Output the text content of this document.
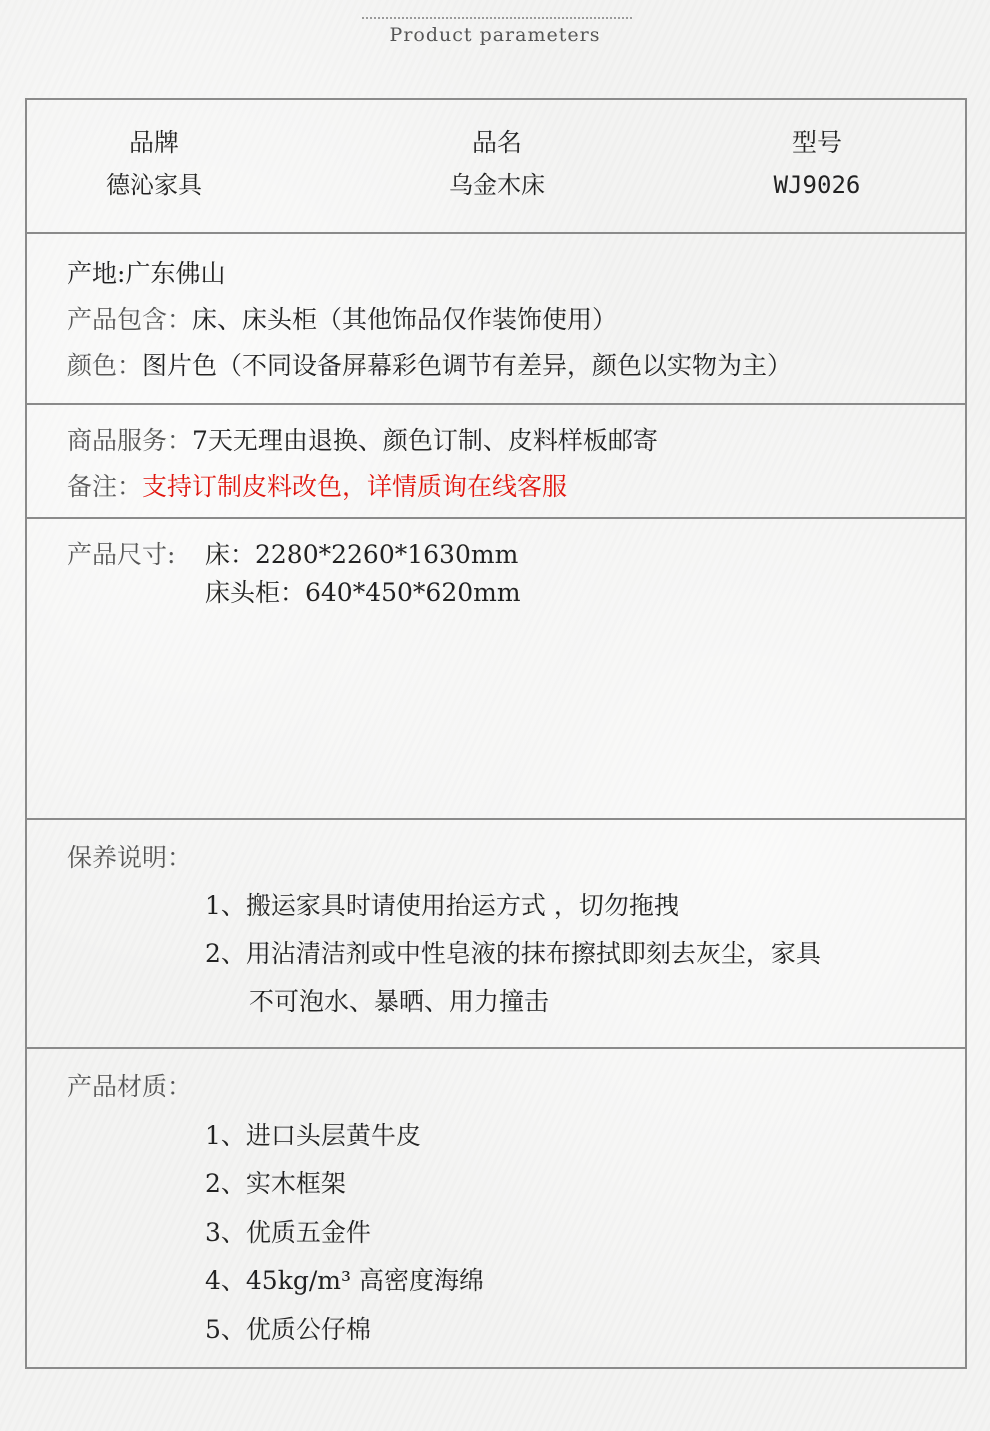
Product parameters
品牌
德沁家具
品名
乌金木床
型号
WJ9026
产地:广东佛山
产品包含：床、床头柜（其他饰品仅作装饰使用）
颜色：图片色（不同设备屏幕彩色调节有差异，颜色以实物为主）
商品服务：7天无理由退换、颜色订制、皮料样板邮寄
备注：支持订制皮料改色，详情质询在线客服
产品尺寸: 床：2280*2260*1630mm
床头柜：640*450*620mm
保养说明：
1、搬运家具时请使用抬运方式 ，切勿拖拽
2、用沾清洁剂或中性皂液的抹布擦拭即刻去灰尘，家具
不可泡水、暴晒、用力撞击
产品材质：
1、进口头层黄牛皮
2、实木框架
3、优质五金件
4、45kg/m³ 高密度海绵
5、优质公仔棉
